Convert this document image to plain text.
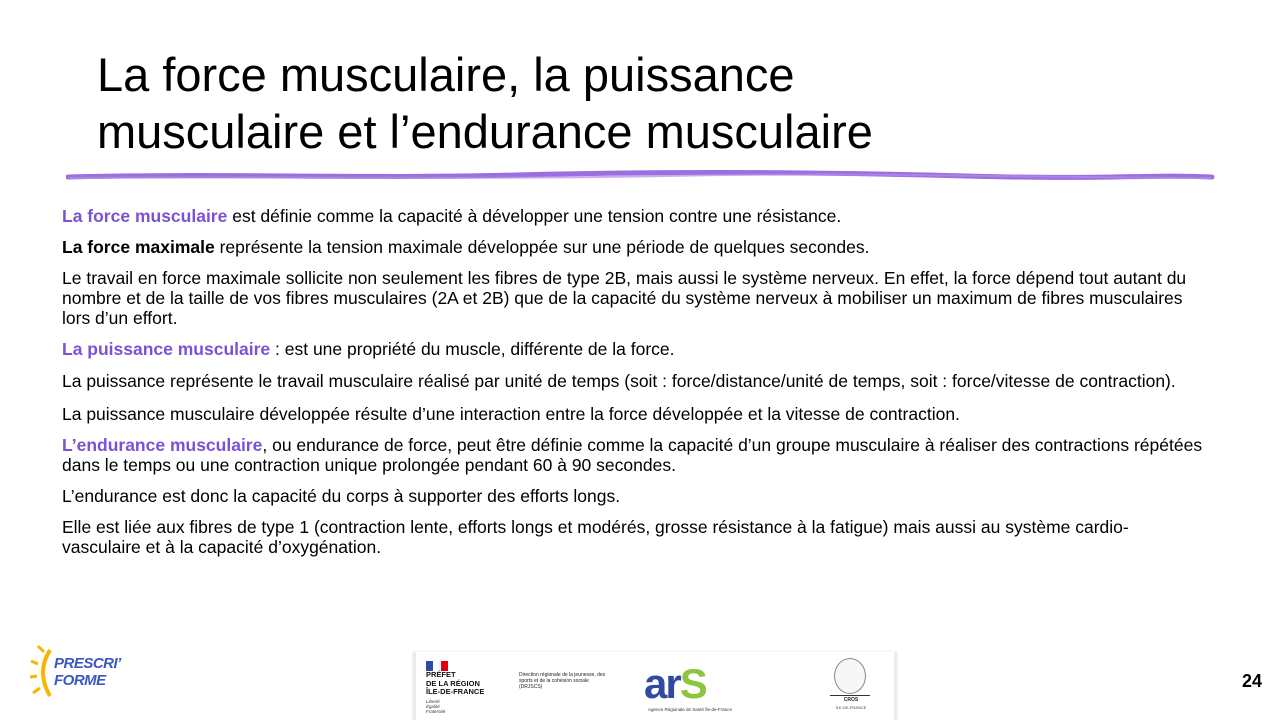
La force musculaire, la puissance
musculaire et l’endurance musculaire

La force musculaire est définie comme la capacité à développer une tension contre une résistance.

La force maximale représente la tension maximale développée sur une période de quelques secondes.

Le travail en force maximale sollicite non seulement les fibres de type 2B, mais aussi le système nerveux. En effet, la force dépend tout autant du nombre et de la taille de vos fibres musculaires (2A et 2B) que de la capacité du système nerveux à mobiliser un maximum de fibres musculaires lors d’un effort.

La puissance musculaire : est une propriété du muscle, différente de la force.

La puissance représente le travail musculaire réalisé par unité de temps (soit : force/distance/unité de temps, soit : force/vitesse de contraction).

La puissance musculaire développée résulte d’une interaction entre la force développée et la vitesse de contraction.

L’endurance musculaire, ou endurance de force, peut être définie comme la capacité d’un groupe musculaire à réaliser des contractions répétées dans le temps ou une contraction unique prolongée pendant 60 à 90 secondes.

L’endurance est donc la capacité du corps à supporter des efforts longs.

Elle est liée aux fibres de type 1 (contraction lente, efforts longs et modérés, grosse résistance à la fatigue) mais aussi au système cardio-vasculaire et à la capacité d’oxygénation.

PRESCRI’
FORME	PRÉFET
DE LA RÉGION
ÎLE-DE-FRANCE
Liberté
Égalité
Fraternité
Direction régionale de la jeunesse, des sports et de la cohésion sociale (DRJSCS)	arS
Agence Régionale de Santé Île-de-France
CROS
ÎLE-DE-FRANCE
24
